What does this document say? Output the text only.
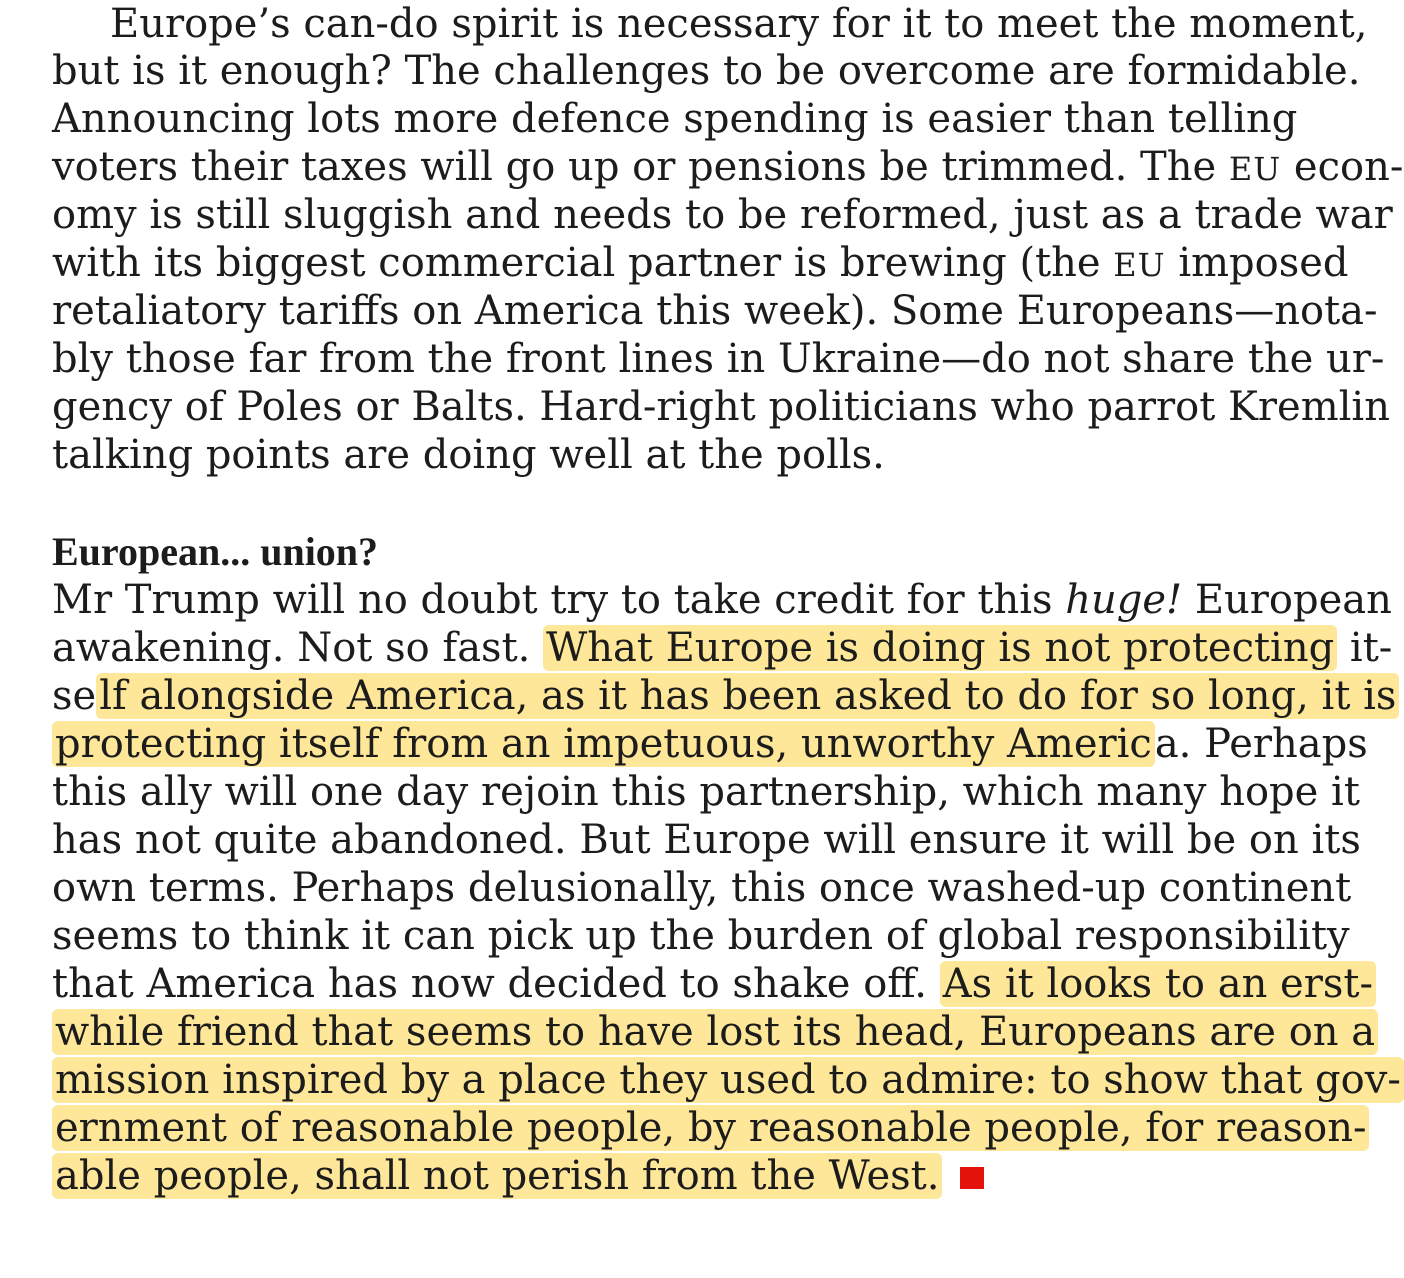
Europe’s can-do spirit is necessary for it to meet the moment,
but is it enough? The challenges to be overcome are formidable.
Announcing lots more defence spending is easier than telling
voters their taxes will go up or pensions be trimmed. The EU econ-
omy is still sluggish and needs to be reformed, just as a trade war
with its biggest commercial partner is brewing (the EU imposed
retaliatory tariffs on America this week). Some Europeans—nota-
bly those far from the front lines in Ukraine—do not share the ur-
gency of Poles or Balts. Hard-right politicians who parrot Kremlin
talking points are doing well at the polls.
European... union?
Mr Trump will no doubt try to take credit for this huge! European
awakening. Not so fast. What Europe is doing is not protecting it-
self alongside America, as it has been asked to do for so long, it is
protecting itself from an impetuous, unworthy America. Perhaps
this ally will one day rejoin this partnership, which many hope it
has not quite abandoned. But Europe will ensure it will be on its
own terms. Perhaps delusionally, this once washed-up continent
seems to think it can pick up the burden of global responsibility
that America has now decided to shake off. As it looks to an erst-
while friend that seems to have lost its head, Europeans are on a
mission inspired by a place they used to admire: to show that gov-
ernment of reasonable people, by reasonable people, for reason-
able people, shall not perish from the West.
